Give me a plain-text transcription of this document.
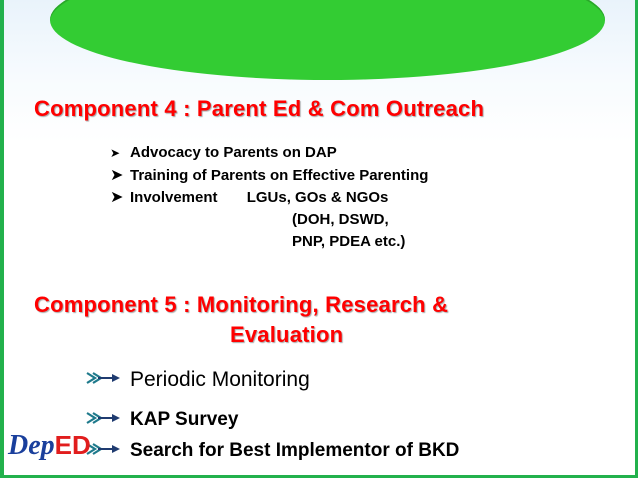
Component 4 : Parent Ed & Com Outreach
➤ Advocacy to Parents on DAP
➤ Training of Parents on Effective Parenting
➤ Involvement       LGUs, GOs & NGOs
(DOH, DSWD,
PNP, PDEA etc.)
Component 5 : Monitoring, Research &
Evaluation
Periodic Monitoring
KAP Survey
Search for Best Implementor of BKD
Dep ED
